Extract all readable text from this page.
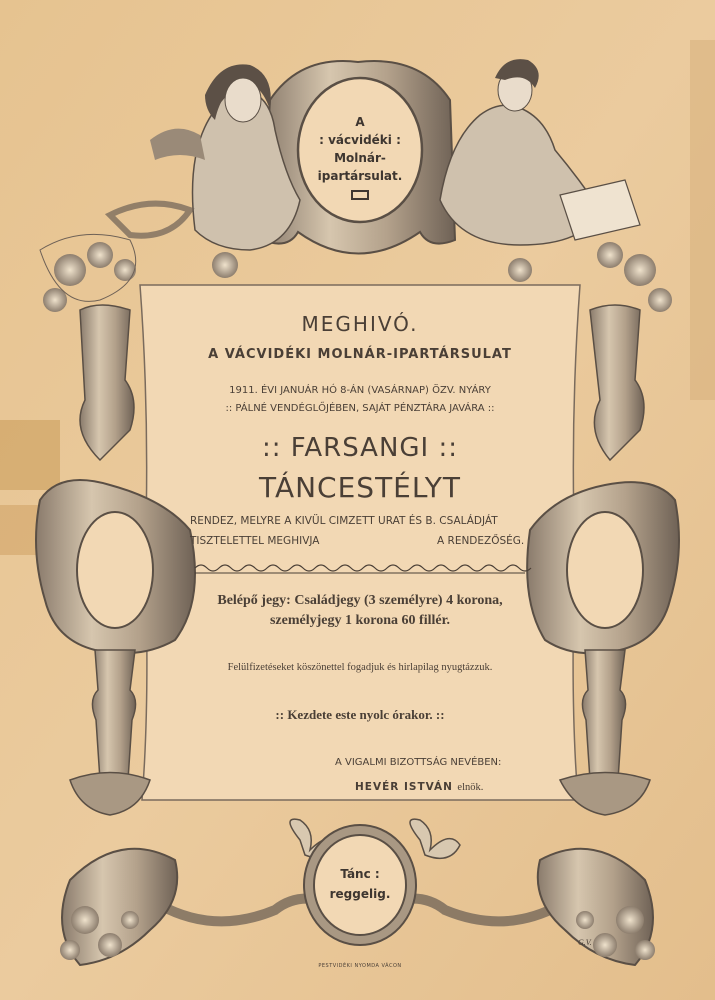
A
: vácvidéki :
Molnár-
ipartársulat.
MEGHIVÓ.
A VÁCVIDÉKI MOLNÁR-IPARTÁRSULAT
1911. ÉVI JANUÁR HÓ 8-ÁN (VASÁRNAP) ÖZV. NYÁRY
:: PÁLNÉ VENDÉGLŐJÉBEN, SAJÁT PÉNZTÁRA JAVÁRA ::
:: FARSANGI ::
TÁNCESTÉLYT
RENDEZ, MELYRE A KIVÜL CIMZETT URAT ÉS B. CSALÁDJÁT
TISZTELETTEL MEGHIVJA	A RENDEZŐSÉG.
Belépő jegy: Családjegy (3 személyre) 4 korona,
személyjegy 1 korona 60 fillér.
Felülfizetéseket köszönettel fogadjuk és hirlapilag nyugtázzuk.
:: Kezdete este nyolc órakor. ::
A VIGALMI BIZOTTSÁG NEVÉBEN:
HEVÉR ISTVÁN elnök.
Tánc :
reggelig.
PESTVIDÉKI NYOMDA VÁCON
G.V.
